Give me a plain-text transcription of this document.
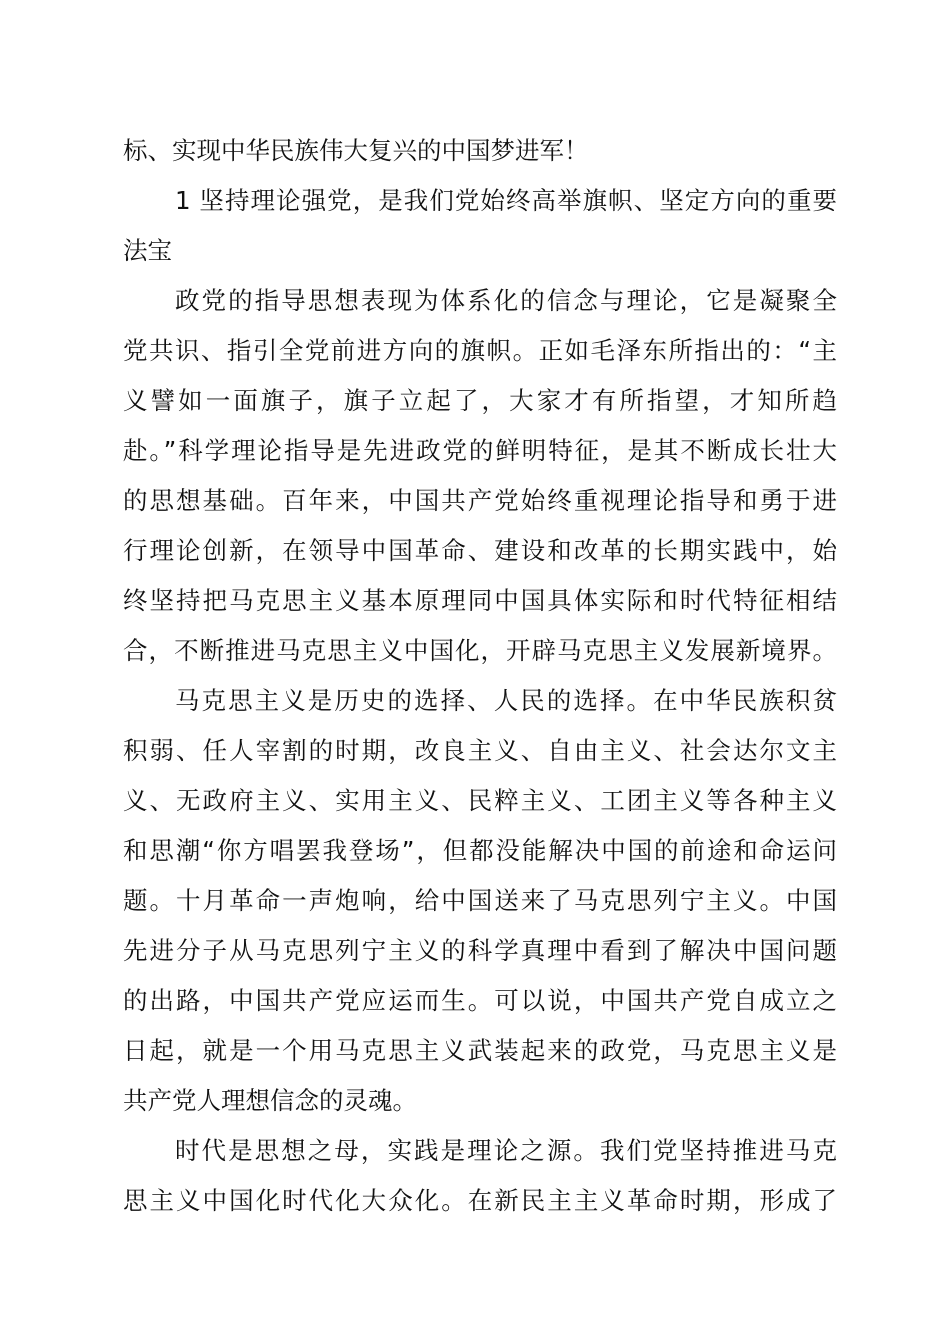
标、实现中华民族伟大复兴的中国梦进军！
1 坚持理论强党，是我们党始终高举旗帜、坚定方向的重要
法宝
政党的指导思想表现为体系化的信念与理论，它是凝聚全
党共识、指引全党前进方向的旗帜。正如毛泽东所指出的：“主
义譬如一面旗子，旗子立起了，大家才有所指望，才知所趋
赴。”科学理论指导是先进政党的鲜明特征，是其不断成长壮大
的思想基础。百年来，中国共产党始终重视理论指导和勇于进
行理论创新，在领导中国革命、建设和改革的长期实践中，始
终坚持把马克思主义基本原理同中国具体实际和时代特征相结
合，不断推进马克思主义中国化，开辟马克思主义发展新境界。
马克思主义是历史的选择、人民的选择。在中华民族积贫
积弱、任人宰割的时期，改良主义、自由主义、社会达尔文主
义、无政府主义、实用主义、民粹主义、工团主义等各种主义
和思潮“你方唱罢我登场”，但都没能解决中国的前途和命运问
题。十月革命一声炮响，给中国送来了马克思列宁主义。中国
先进分子从马克思列宁主义的科学真理中看到了解决中国问题
的出路，中国共产党应运而生。可以说，中国共产党自成立之
日起，就是一个用马克思主义武装起来的政党，马克思主义是
共产党人理想信念的灵魂。
时代是思想之母，实践是理论之源。我们党坚持推进马克
思主义中国化时代化大众化。在新民主主义革命时期，形成了
